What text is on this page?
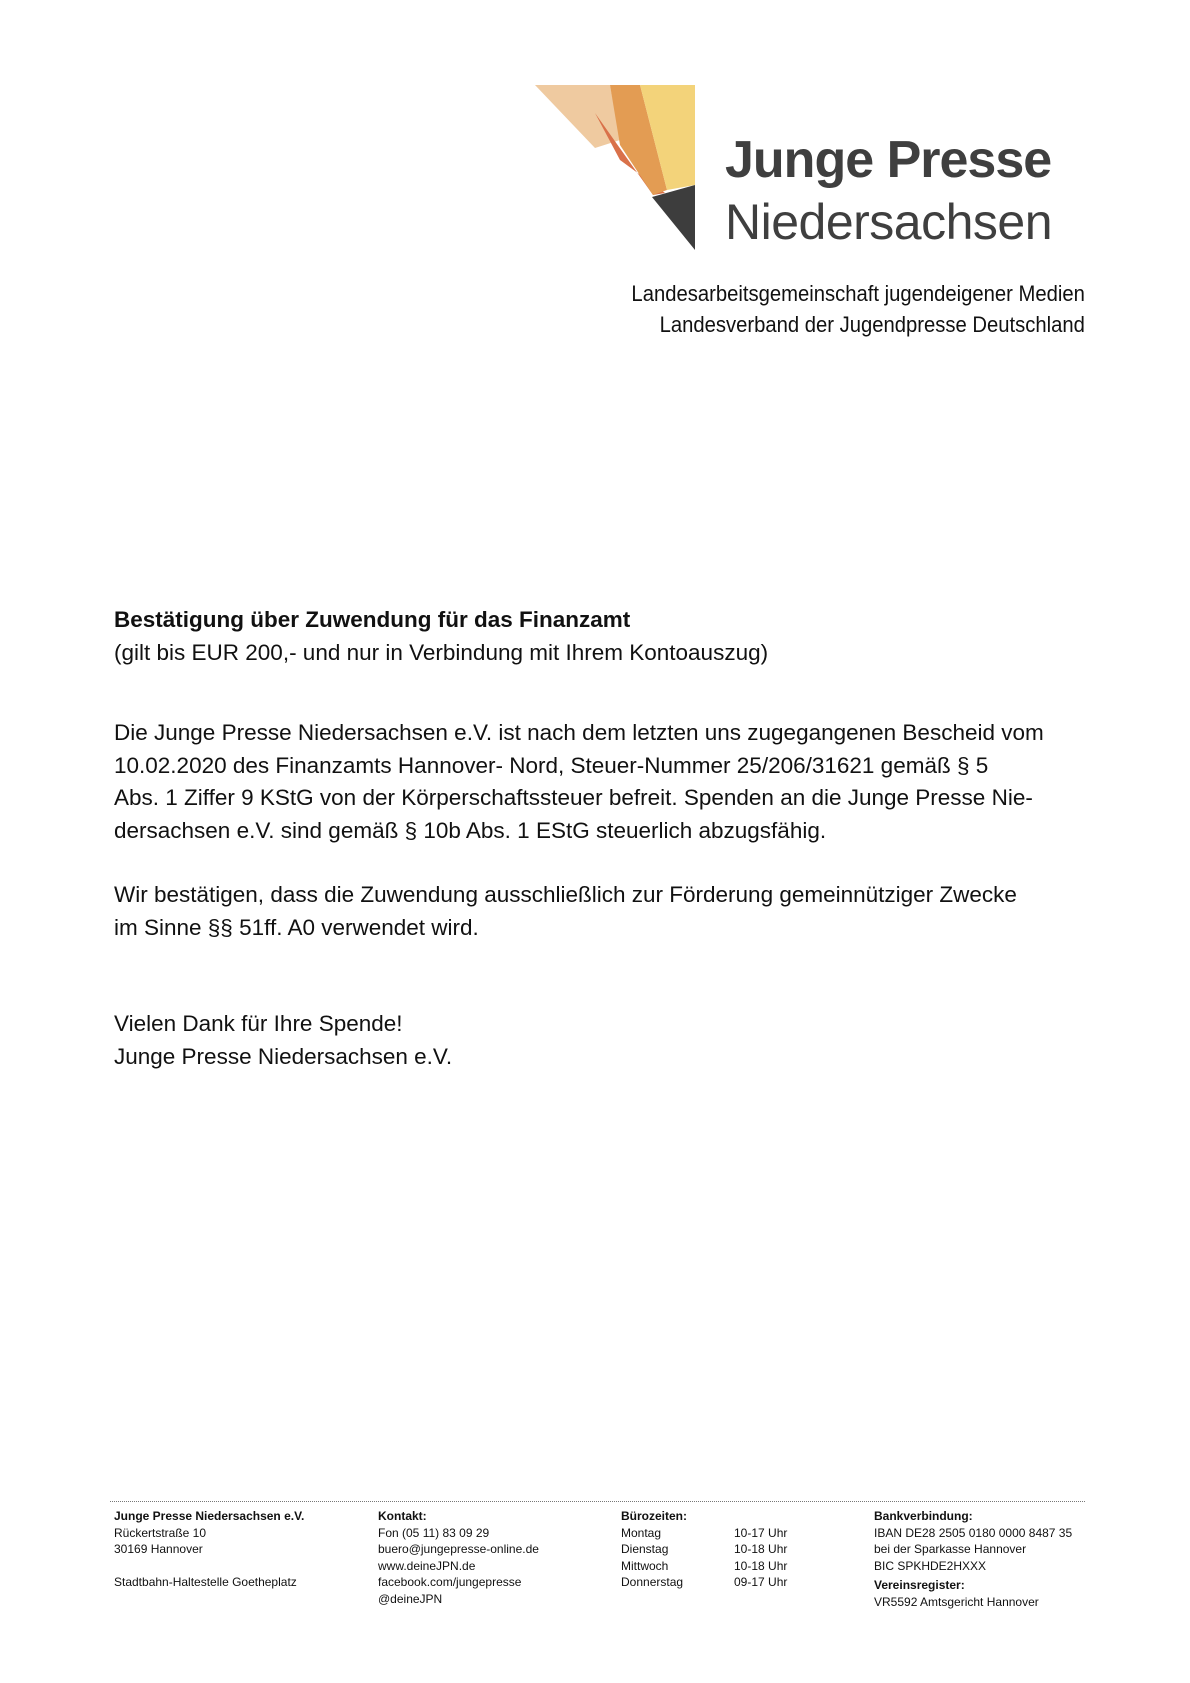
Junge Presse
Niedersachsen
Landesarbeitsgemeinschaft jugendeigener Medien
Landesverband der Jugendpresse Deutschland
Bestätigung über Zuwendung für das Finanzamt
(gilt bis EUR 200,- und nur in Verbindung mit Ihrem Kontoauszug)
Die Junge Presse Niedersachsen e.V. ist nach dem letzten uns zugegangenen Bescheid vom
10.02.2020 des Finanzamts Hannover- Nord, Steuer-Nummer 25/206/31621 gemäß § 5
Abs. 1 Ziffer 9 KStG von der Körperschaftssteuer befreit. Spenden an die Junge Presse Nie-
dersachsen e.V. sind gemäß § 10b Abs. 1 EStG steuerlich abzugsfähig.
Wir bestätigen, dass die Zuwendung ausschließlich zur Förderung gemeinnütziger Zwecke
im Sinne §§ 51ff. A0 verwendet wird.
Vielen Dank für Ihre Spende!
Junge Presse Niedersachsen e.V.
Junge Presse Niedersachsen e.V.
Rückertstraße 10
30169 Hannover
Stadtbahn-Haltestelle Goetheplatz
Kontakt:
Fon (05 11) 83 09 29
buero@jungepresse-online.de
www.deineJPN.de
facebook.com/jungepresse
@deineJPN
Bürozeiten:
Montag	10-17 Uhr
Dienstag	10-18 Uhr
Mittwoch	10-18 Uhr
Donnerstag	09-17 Uhr
Bankverbindung:
IBAN DE28 2505 0180 0000 8487 35
bei der Sparkasse Hannover
BIC SPKHDE2HXXX
Vereinsregister:
VR5592 Amtsgericht Hannover
